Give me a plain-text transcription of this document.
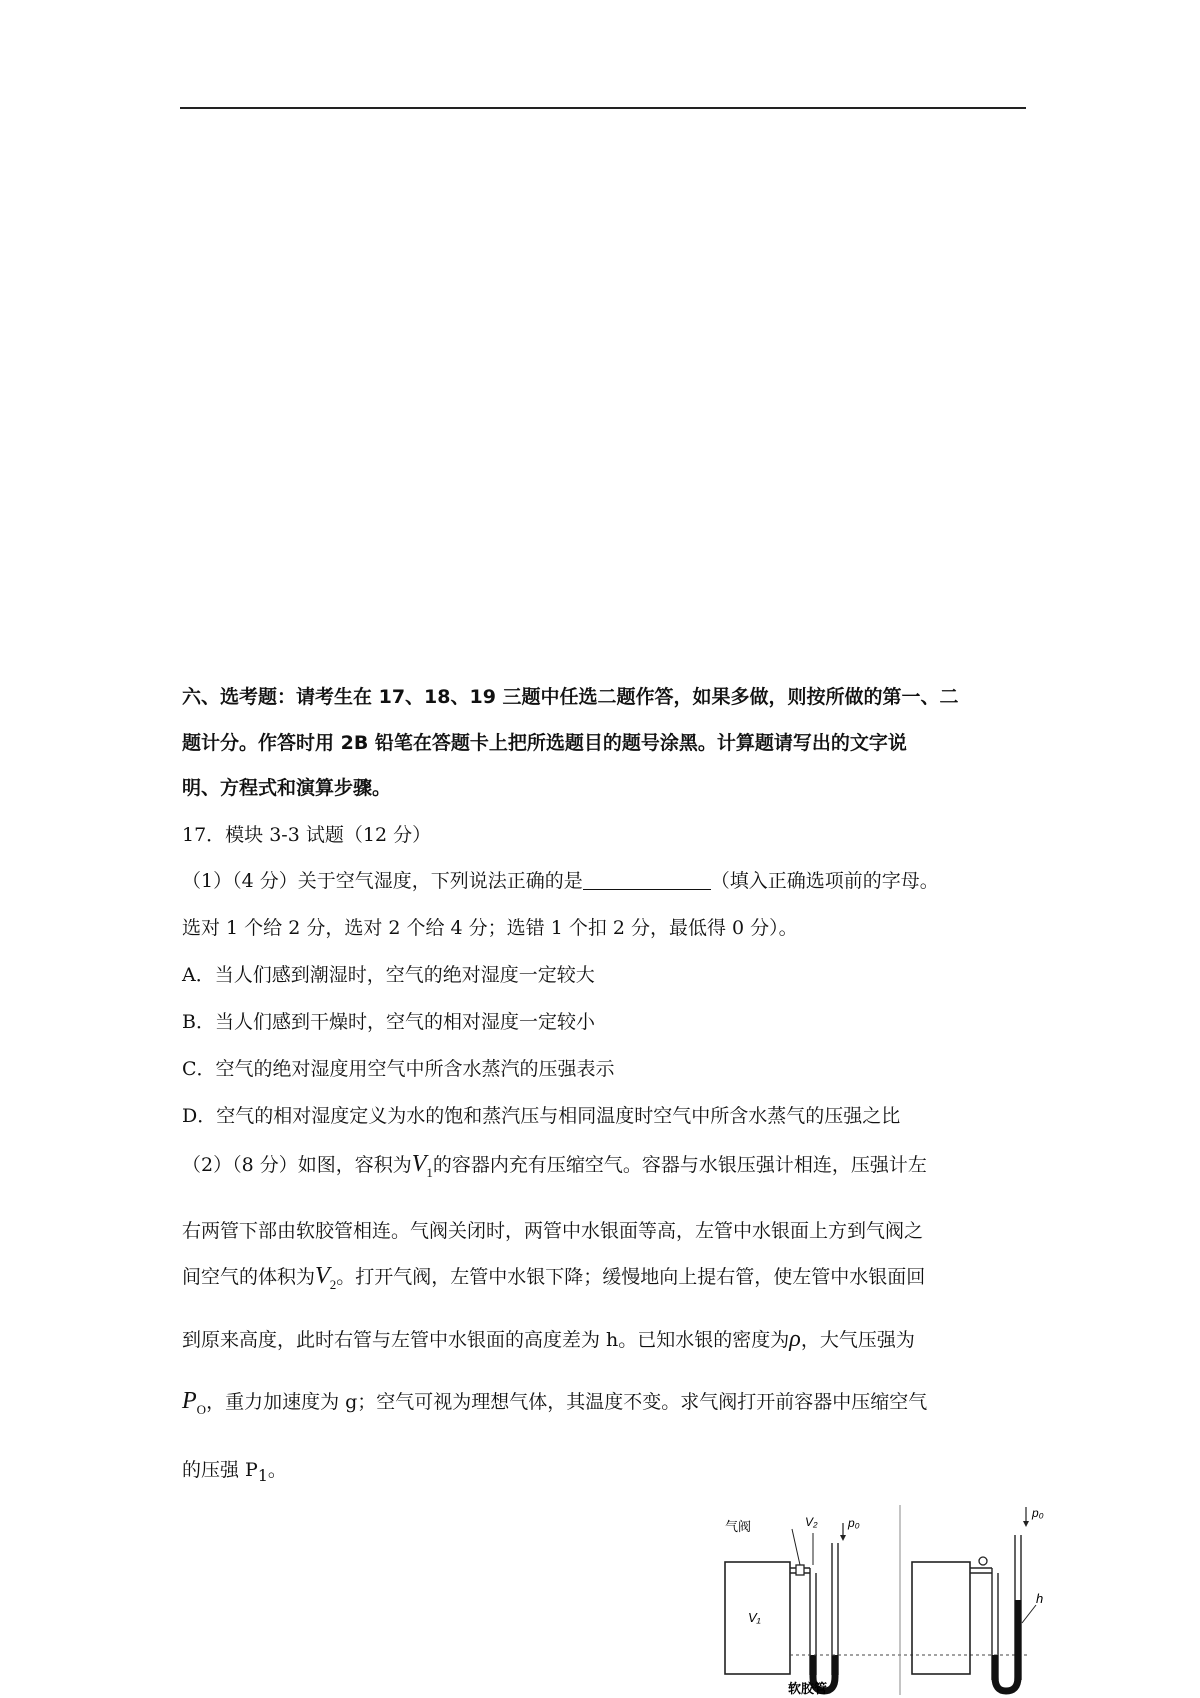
六、选考题：请考生在 17、18、19 三题中任选二题作答，如果多做，则按所做的第一、二
题计分。作答时用 2B 铅笔在答题卡上把所选题目的题号涂黑。计算题请写出的文字说
明、方程式和演算步骤。
17．模块 3-3 试题（12 分）
（1）（4 分）关于空气湿度，下列说法正确的是	（填入正确选项前的字母。
选对 1 个给 2 分，选对 2 个给 4 分；选错 1 个扣 2 分，最低得 0 分）。
A．当人们感到潮湿时，空气的绝对湿度一定较大
B．当人们感到干燥时，空气的相对湿度一定较小
C．空气的绝对湿度用空气中所含水蒸汽的压强表示
D．空气的相对湿度定义为水的饱和蒸汽压与相同温度时空气中所含水蒸气的压强之比
（2）（8 分）如图，容积为$V_1$的容器内充有压缩空气。容器与水银压强计相连，压强计左
右两管下部由软胶管相连。气阀关闭时，两管中水银面等高，左管中水银面上方到气阀之
间空气的体积为$V_2$。打开气阀，左管中水银下降；缓慢地向上提右管，使左管中水银面回
到原来高度，此时右管与左管中水银面的高度差为 h。已知水银的密度为ρ，大气压强为
$P_O$，重力加速度为 g；空气可视为理想气体，其温度不变。求气阀打开前容器中压缩空气
的压强 $P_1$。
气阀
V₁
V₂	p₀
软胶管
p₀
h
